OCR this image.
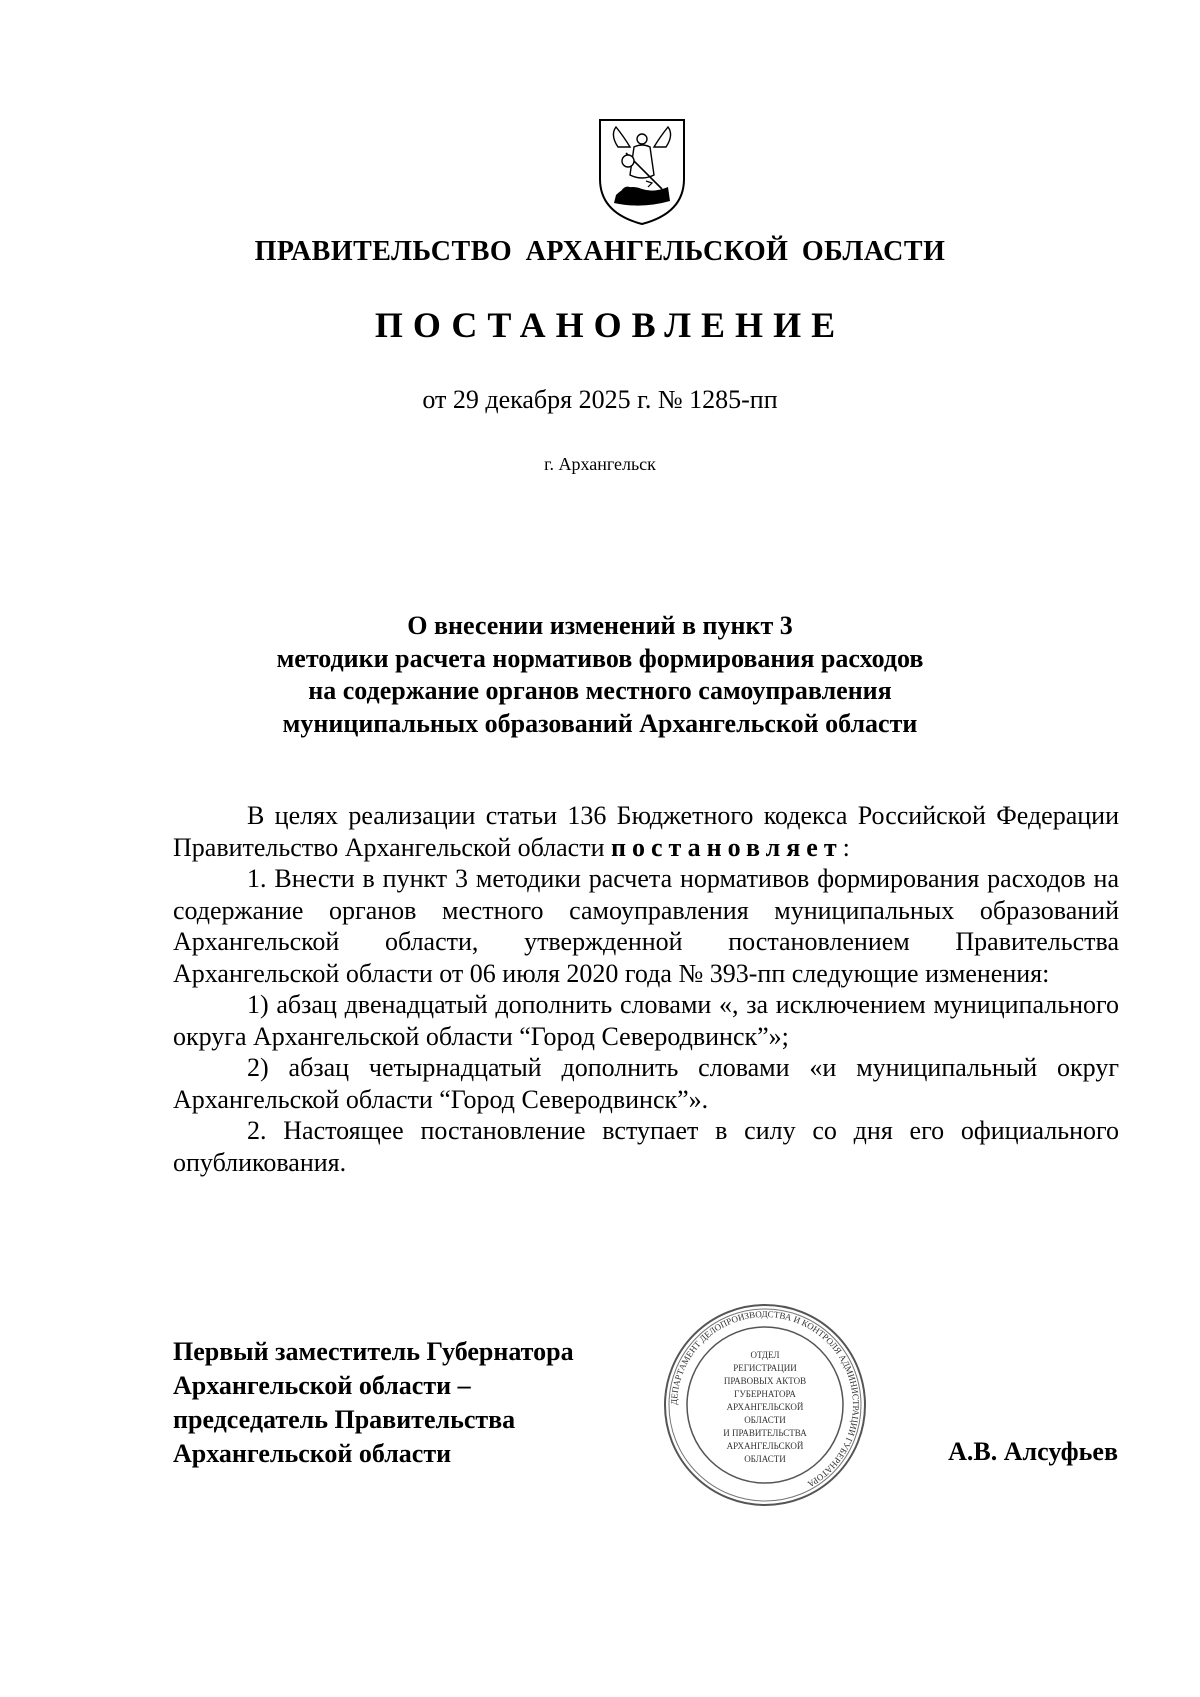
ПРАВИТЕЛЬСТВО АРХАНГЕЛЬСКОЙ ОБЛАСТИ

ПОСТАНОВЛЕНИЕ

от 29 декабря 2025 г. № 1285-пп

г. Архангельск

О внесении изменений в пункт 3
методики расчета нормативов формирования расходов
на содержание органов местного самоуправления
муниципальных образований Архангельской области

В целях реализации статьи 136 Бюджетного кодекса Российской Федерации Правительство Архангельской области постановляет:

1. Внести в пункт 3 методики расчета нормативов формирования расходов на содержание органов местного самоуправления муниципальных образований Архангельской области, утвержденной постановлением Правительства Архангельской области от 06 июля 2020 года № 393-пп следующие изменения:

1) абзац двенадцатый дополнить словами «, за исключением муниципального округа Архангельской области “Город Северодвинск”»;

2) абзац четырнадцатый дополнить словами «и муниципальный округ Архангельской области “Город Северодвинск”».

2. Настоящее постановление вступает в силу со дня его официального опубликования.

Первый заместитель Губернатора
Архангельской области –
председатель Правительства
Архангельской области

ДЕПАРТАМЕНТ ДЕЛОПРОИЗВОДСТВА И КОНТРОЛЯ АДМИНИСТРАЦИИ ГУБЕРНАТОРА
ОТДЕЛ
РЕГИСТРАЦИИ
ПРАВОВЫХ АКТОВ
ГУБЕРНАТОРА
АРХАНГЕЛЬСКОЙ
ОБЛАСТИ
И ПРАВИТЕЛЬСТВА
АРХАНГЕЛЬСКОЙ
ОБЛАСТИ	А.В. Алсуфьев
